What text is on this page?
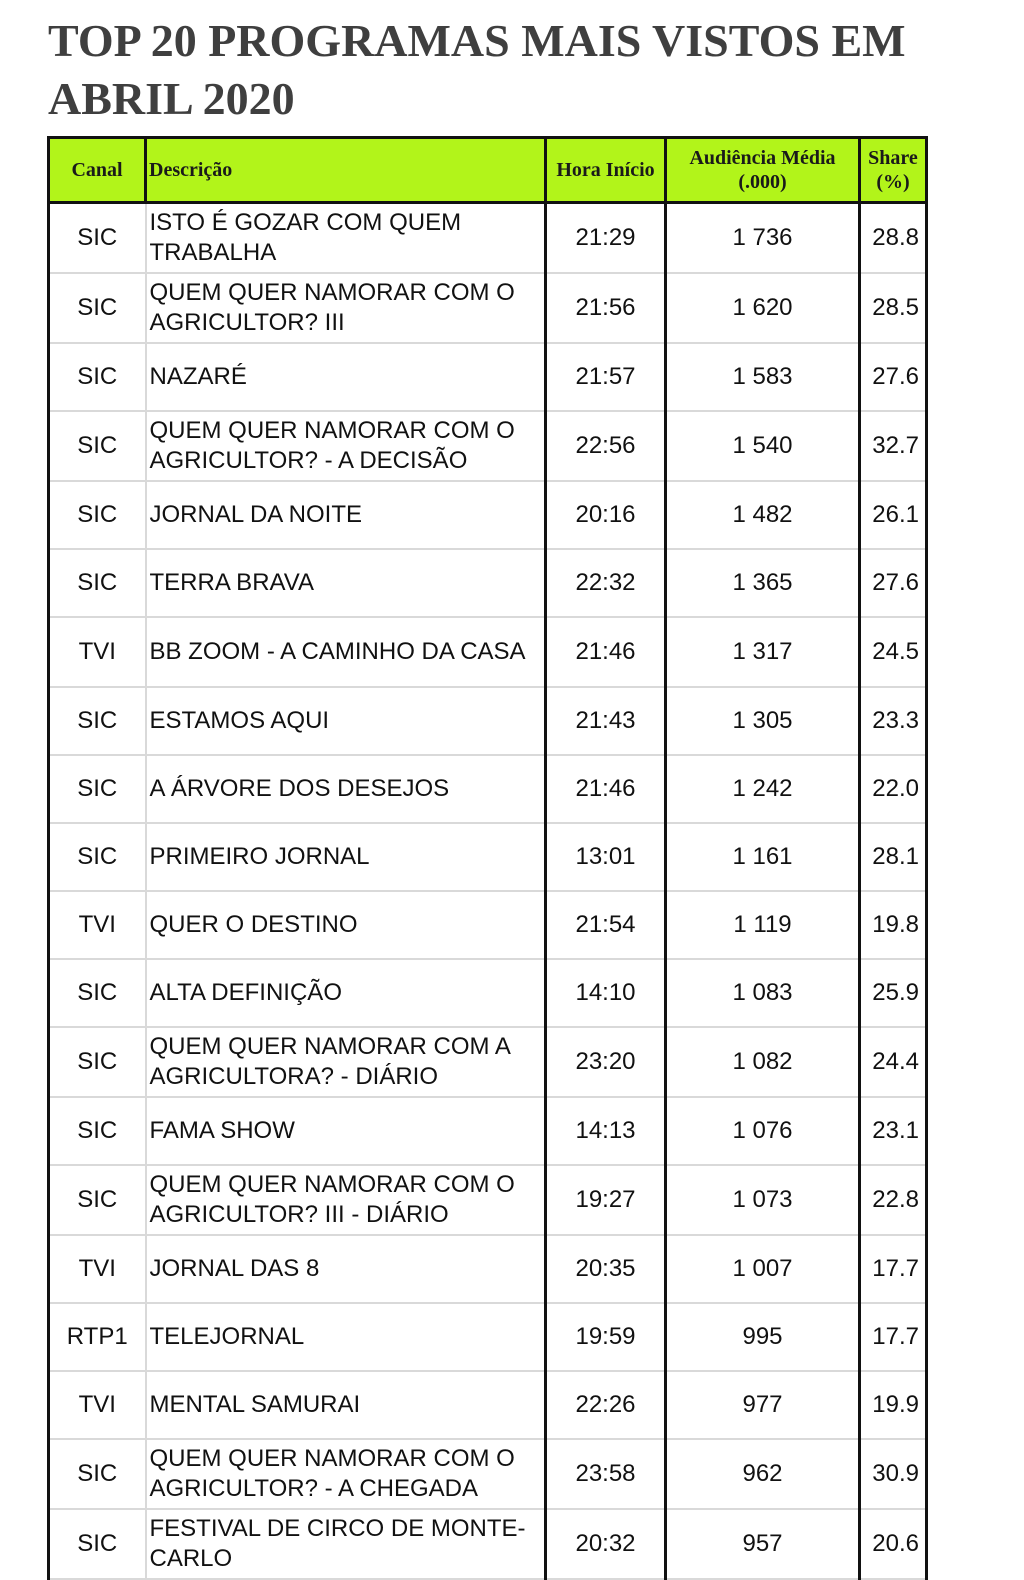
TOP 20 PROGRAMAS MAIS VISTOS EM ABRIL 2020
Canal	Descrição	Hora Início	Audiência Média (.000)	Share (%)
SIC	ISTO É GOZAR COM QUEM TRABALHA	21:29	1 736	28.8
SIC	QUEM QUER NAMORAR COM O AGRICULTOR? III	21:56	1 620	28.5
SIC	NAZARÉ	21:57	1 583	27.6
SIC	QUEM QUER NAMORAR COM O AGRICULTOR? - A DECISÃO	22:56	1 540	32.7
SIC	JORNAL DA NOITE	20:16	1 482	26.1
SIC	TERRA BRAVA	22:32	1 365	27.6
TVI	BB ZOOM - A CAMINHO DA CASA	21:46	1 317	24.5
SIC	ESTAMOS AQUI	21:43	1 305	23.3
SIC	A ÁRVORE DOS DESEJOS	21:46	1 242	22.0
SIC	PRIMEIRO JORNAL	13:01	1 161	28.1
TVI	QUER O DESTINO	21:54	1 119	19.8
SIC	ALTA DEFINIÇÃO	14:10	1 083	25.9
SIC	QUEM QUER NAMORAR COM A AGRICULTORA? - DIÁRIO	23:20	1 082	24.4
SIC	FAMA SHOW	14:13	1 076	23.1
SIC	QUEM QUER NAMORAR COM O AGRICULTOR? III - DIÁRIO	19:27	1 073	22.8
TVI	JORNAL DAS 8	20:35	1 007	17.7
RTP1	TELEJORNAL	19:59	995	17.7
TVI	MENTAL SAMURAI	22:26	977	19.9
SIC	QUEM QUER NAMORAR COM O AGRICULTOR? - A CHEGADA	23:58	962	30.9
SIC	FESTIVAL DE CIRCO DE MONTE-CARLO	20:32	957	20.6
